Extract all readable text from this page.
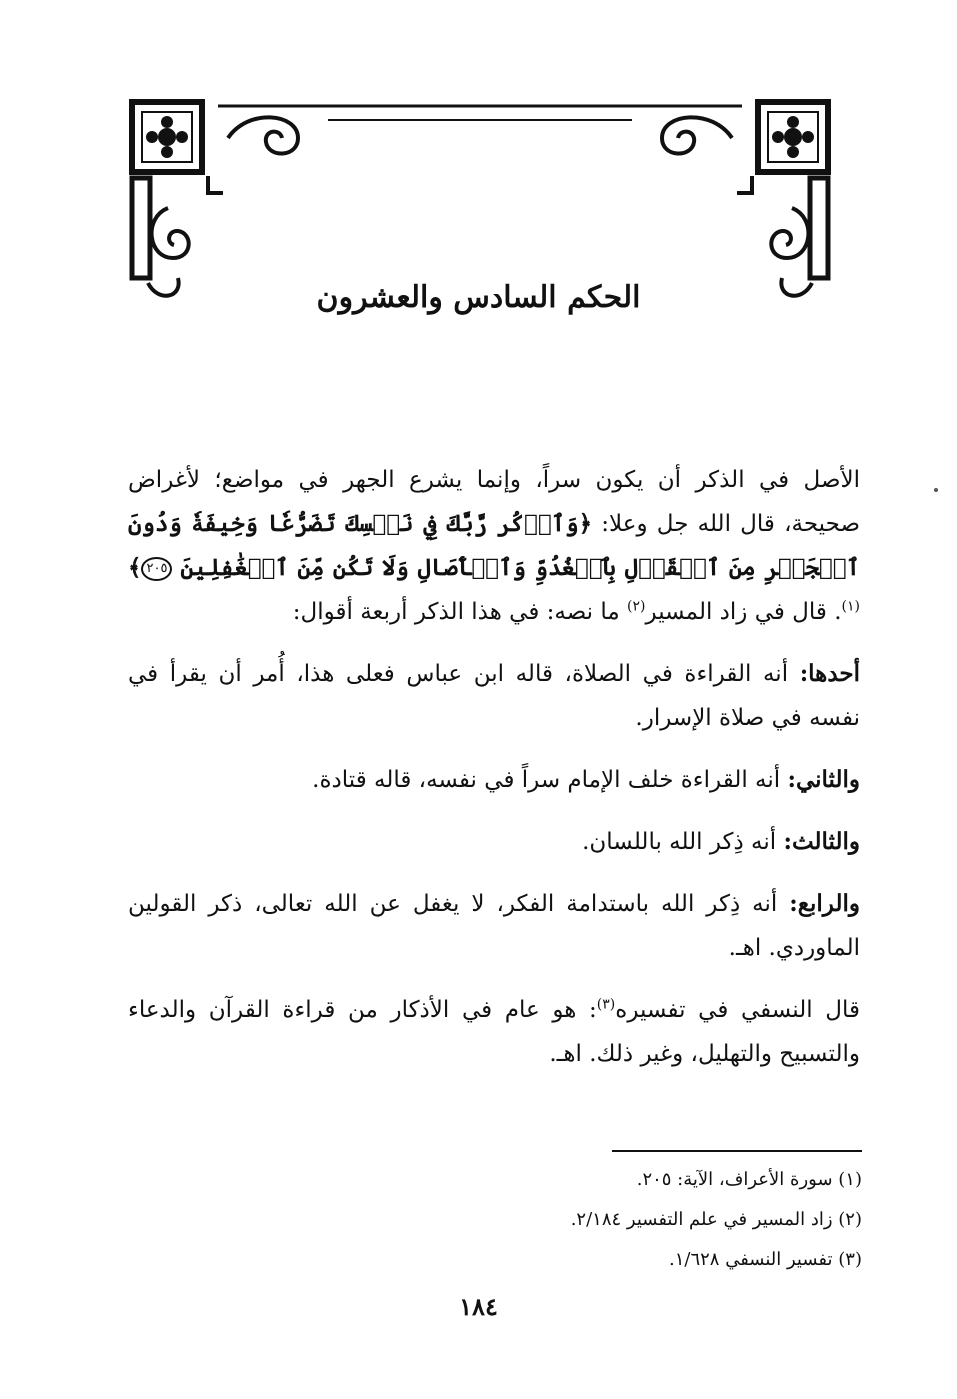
الحكم السادس والعشرون

الأصل في الذكر أن يكون سراً، وإنما يشرع الجهر في مواضع؛ لأغراض صحيحة، قال الله جل وعلا: ﴿وَٱذۡكُر رَّبَّكَ فِي نَفۡسِكَ تَضَرُّعٗا وَخِيفَةٗ وَدُونَ ٱلۡجَهۡرِ مِنَ ٱلۡقَوۡلِ بِٱلۡغُدُوِّ وَٱلۡأٓصَالِ وَلَا تَكُن مِّنَ ٱلۡغَٰفِلِينَ ٢٠٥﴾$^{(١)}$. قال في زاد المسير$^{(٢)}$ ما نصه: في هذا الذكر أربعة أقوال:

أحدها: أنه القراءة في الصلاة، قاله ابن عباس فعلى هذا، أُمر أن يقرأ في نفسه في صلاة الإسرار.

والثاني: أنه القراءة خلف الإمام سراً في نفسه، قاله قتادة.

والثالث: أنه ذِكر الله باللسان.

والرابع: أنه ذِكر الله باستدامة الفكر، لا يغفل عن الله تعالى، ذكر القولين الماوردي. اهـ.

قال النسفي في تفسيره$^{(٣)}$: هو عام في الأذكار من قراءة القرآن والدعاء والتسبيح والتهليل، وغير ذلك. اهـ.

(١) سورة الأعراف، الآية: ٢٠٥.
(٢) زاد المسير في علم التفسير ٢/١٨٤.
(٣) تفسير النسفي ١/٦٢٨.
١٨٤
